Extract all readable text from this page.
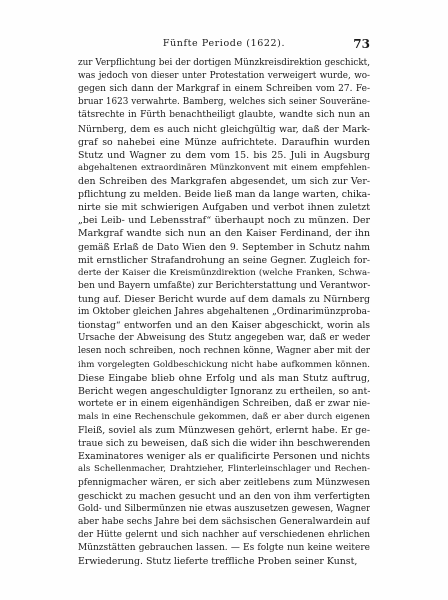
Fünfte Periode (1622).	73
zur Verpflichtung bei der dortigen Münzkreisdirektion geschickt,
was jedoch von dieser unter Protestation verweigert wurde, wo-
gegen sich dann der Markgraf in einem Schreiben vom 27. Fe-
bruar 1623 verwahrte. Bamberg, welches sich seiner Souveräne-
tätsrechte in Fürth benachtheiligt glaubte, wandte sich nun an
Nürnberg, dem es auch nicht gleichgültig war, daß der Mark-
graf so nahebei eine Münze aufrichtete. Daraufhin wurden
Stutz und Wagner zu dem vom 15. bis 25. Juli in Augsburg
abgehaltenen extraordinären Münzkonvent mit einem empfehlen-
den Schreiben des Markgrafen abgesendet, um sich zur Ver-
pflichtung zu melden. Beide ließ man da lange warten, chika-
nirte sie mit schwierigen Aufgaben und verbot ihnen zuletzt
„bei Leib- und Lebensstraf“ überhaupt noch zu münzen. Der
Markgraf wandte sich nun an den Kaiser Ferdinand, der ihn
gemäß Erlaß de Dato Wien den 9. September in Schutz nahm
mit ernstlicher Strafandrohung an seine Gegner. Zugleich for-
derte der Kaiser die Kreismünzdirektion (welche Franken, Schwa-
ben und Bayern umfaßte) zur Berichterstattung und Verantwor-
tung auf. Dieser Bericht wurde auf dem damals zu Nürnberg
im Oktober gleichen Jahres abgehaltenen „Ordinarimünzproba-
tionstag“ entworfen und an den Kaiser abgeschickt, worin als
Ursache der Abweisung des Stutz angegeben war, daß er weder
lesen noch schreiben, noch rechnen könne, Wagner aber mit der
ihm vorgelegten Goldbeschickung nicht habe aufkommen können.
Diese Eingabe blieb ohne Erfolg und als man Stutz auftrug,
Bericht wegen angeschuldigter Ignoranz zu ertheilen, so ant-
wortete er in einem eigenhändigen Schreiben, daß er zwar nie-
mals in eine Rechenschule gekommen, daß er aber durch eigenen
Fleiß, soviel als zum Münzwesen gehört, erlernt habe. Er ge-
traue sich zu beweisen, daß sich die wider ihn beschwerenden
Examinatores weniger als er qualificirte Personen und nichts
als Schellenmacher, Drahtzieher, Flinterleinschlager und Rechen-
pfennigmacher wären, er sich aber zeitlebens zum Münzwesen
geschickt zu machen gesucht und an den von ihm verfertigten
Gold- und Silbermünzen nie etwas auszusetzen gewesen, Wagner
aber habe sechs Jahre bei dem sächsischen Generalwardein auf
der Hütte gelernt und sich nachher auf verschiedenen ehrlichen
Münzstätten gebrauchen lassen. — Es folgte nun keine weitere
Erwiederung. Stutz lieferte treffliche Proben seiner Kunst,
